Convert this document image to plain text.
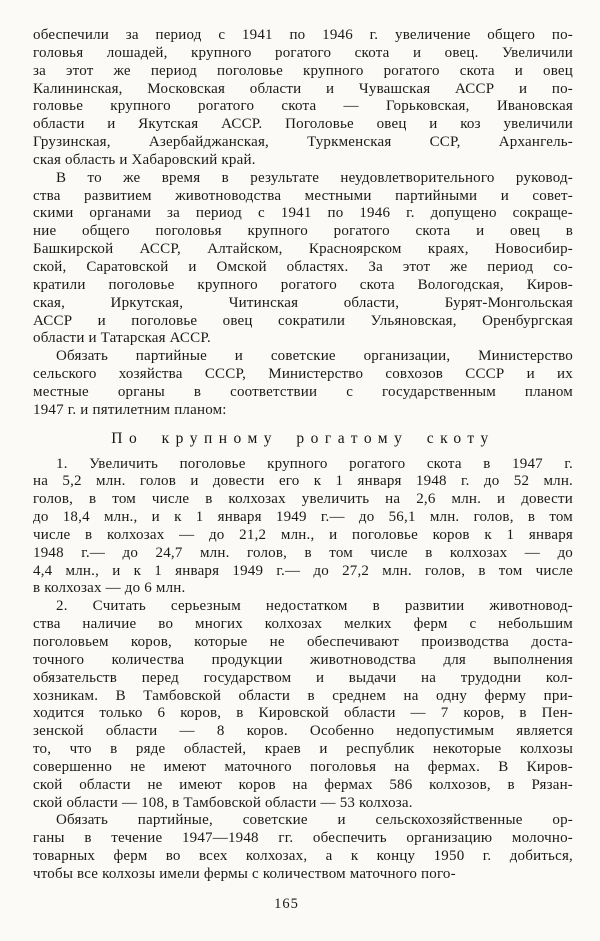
обеспечили за период с 1941 по 1946 г. увеличение общего по-
головья лошадей, крупного рогатого скота и овец. Увеличили
за этот же период поголовье крупного рогатого скота и овец
Калининская, Московская области и Чувашская АССР и по-
головье крупного рогатого скота — Горьковская, Ивановская
области и Якутская АССР. Поголовье овец и коз увеличили
Грузинская, Азербайджанская, Туркменская ССР, Архангель-
ская область и Хабаровский край.
В то же время в результате неудовлетворительного руковод-
ства развитием животноводства местными партийными и совет-
скими органами за период с 1941 по 1946 г. допущено сокраще-
ние общего поголовья крупного рогатого скота и овец в
Башкирской АССР, Алтайском, Красноярском краях, Новосибир-
ской, Саратовской и Омской областях. За этот же период со-
кратили поголовье крупного рогатого скота Вологодская, Киров-
ская, Иркутская, Читинская области, Бурят-Монгольская
АССР и поголовье овец сократили Ульяновская, Оренбургская
области и Татарская АССР.
Обязать партийные и советские организации, Министерство
сельского хозяйства СССР, Министерство совхозов СССР и их
местные органы в соответствии с государственным планом
1947 г. и пятилетним планом:
По крупному рогатому скоту
1. Увеличить поголовье крупного рогатого скота в 1947 г.
на 5,2 млн. голов и довести его к 1 января 1948 г. до 52 млн.
голов, в том числе в колхозах увеличить на 2,6 млн. и довести
до 18,4 млн., и к 1 января 1949 г.— до 56,1 млн. голов, в том
числе в колхозах — до 21,2 млн., и поголовье коров к 1 января
1948 г.— до 24,7 млн. голов, в том числе в колхозах — до
4,4 млн., и к 1 января 1949 г.— до 27,2 млн. голов, в том числе
в колхозах — до 6 млн.
2. Считать серьезным недостатком в развитии животновод-
ства наличие во многих колхозах мелких ферм с небольшим
поголовьем коров, которые не обеспечивают производства доста-
точного количества продукции животноводства для выполнения
обязательств перед государством и выдачи на трудодни кол-
хозникам. В Тамбовской области в среднем на одну ферму при-
ходится только 6 коров, в Кировской области — 7 коров, в Пен-
зенской области — 8 коров. Особенно недопустимым является
то, что в ряде областей, краев и республик некоторые колхозы
совершенно не имеют маточного поголовья на фермах. В Киров-
ской области не имеют коров на фермах 586 колхозов, в Рязан-
ской области — 108, в Тамбовской области — 53 колхоза.
Обязать партийные, советские и сельскохозяйственные ор-
ганы в течение 1947—1948 гг. обеспечить организацию молочно-
товарных ферм во всех колхозах, а к концу 1950 г. добиться,
чтобы все колхозы имели фермы с количеством маточного пого-
165
